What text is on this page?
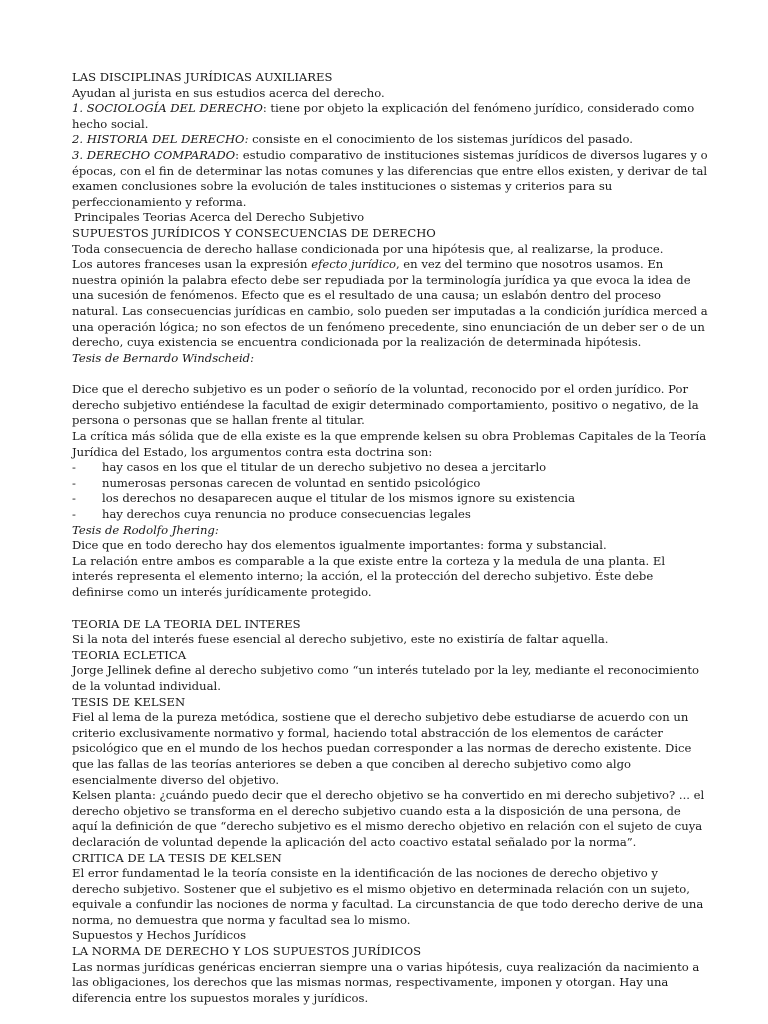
LAS DISCIPLINAS JURÍDICAS AUXILIARES

Ayudan al jurista en sus estudios acerca del derecho.

1. SOCIOLOGÍA DEL DERECHO: tiene por objeto la explicación del fenómeno jurídico, considerado como hecho social.

2. HISTORIA DEL DERECHO: consiste en el conocimiento de los sistemas jurídicos del pasado.

3. DERECHO COMPARADO: estudio comparativo de instituciones sistemas jurídicos de diversos lugares y o épocas, con el fin de determinar las notas comunes y las diferencias que entre ellos existen, y derivar de tal examen conclusiones sobre la evolución de tales instituciones o sistemas y criterios para su perfeccionamiento y reforma.

Principales Teorias Acerca del Derecho Subjetivo

SUPUESTOS JURÍDICOS Y CONSECUENCIAS DE DERECHO

Toda consecuencia de derecho hallase condicionada por una hipótesis que, al realizarse, la produce.

Los autores franceses usan la expresión efecto jurídico, en vez del termino que nosotros usamos. En nuestra opinión la palabra efecto debe ser repudiada por la terminología jurídica ya que evoca la idea de una sucesión de fenómenos. Efecto que es el resultado de una causa; un eslabón dentro del proceso natural. Las consecuencias jurídicas en cambio, solo pueden ser imputadas a la condición jurídica merced a una operación lógica; no son efectos de un fenómeno precedente, sino enunciación de un deber ser o de un derecho, cuya existencia se encuentra condicionada por la realización de determinada hipótesis.

Tesis de Bernardo Windscheid:

Dice que el derecho subjetivo es un poder o señorío de la voluntad, reconocido por el orden jurídico. Por derecho subjetivo entiéndese la facultad de exigir determinado comportamiento, positivo o negativo, de la persona o personas que se hallan frente al titular.

La crítica más sólida que de ella existe es la que emprende kelsen su obra Problemas Capitales de la Teoría Jurídica del Estado, los argumentos contra esta doctrina son:

-	hay casos en los que el titular de un derecho subjetivo no desea a jercitarlo
-	numerosas personas carecen de voluntad en sentido psicológico
-	los derechos no desaparecen auque el titular de los mismos ignore su existencia
-	hay derechos cuya renuncia no produce consecuencias legales

Tesis de Rodolfo Jhering:

Dice que en todo derecho hay dos elementos igualmente importantes: forma y substancial.

La relación entre ambos es comparable a la que existe entre la corteza y la medula de una planta. El interés representa el elemento interno; la acción, el la protección del derecho subjetivo. Éste debe definirse como un interés jurídicamente protegido.

TEORIA DE LA TEORIA DEL INTERES

Si la nota del interés fuese esencial al derecho subjetivo, este no existiría de faltar aquella.

TEORIA ECLETICA

Jorge Jellinek define al derecho subjetivo como “un interés tutelado por la ley, mediante el reconocimiento de la voluntad individual.

TESIS DE KELSEN

Fiel al lema de la pureza metódica, sostiene que el derecho subjetivo debe estudiarse de acuerdo con un criterio exclusivamente normativo y formal, haciendo total abstracción de los elementos de carácter psicológico que en el mundo de los hechos puedan corresponder a las normas de derecho existente. Dice que las fallas de las teorías anteriores se deben a que conciben al derecho subjetivo como algo esencialmente diverso del objetivo.

Kelsen planta: ¿cuándo puedo decir que el derecho objetivo se ha convertido en mi derecho subjetivo? ... el derecho objetivo se transforma en el derecho subjetivo cuando esta a la disposición de una persona, de aquí la definición de que “derecho subjetivo es el mismo derecho objetivo en relación con el sujeto de cuya declaración de voluntad depende la aplicación del acto coactivo estatal señalado por la norma”.

CRITICA DE LA TESIS DE KELSEN

El error fundamentad le la teoría consiste en la identificación de las nociones de derecho objetivo y derecho subjetivo. Sostener que el subjetivo es el mismo objetivo en determinada relación con un sujeto, equivale a confundir las nociones de norma y facultad. La circunstancia de que todo derecho derive de una norma, no demuestra que norma y facultad sea lo mismo.

Supuestos y Hechos Jurídicos

LA NORMA DE DERECHO Y LOS SUPUESTOS JURÍDICOS

Las normas jurídicas genéricas encierran siempre una o varias hipótesis, cuya realización da nacimiento a las obligaciones, los derechos que las mismas normas, respectivamente, imponen y otorgan. Hay una diferencia entre los supuestos morales y jurídicos.
